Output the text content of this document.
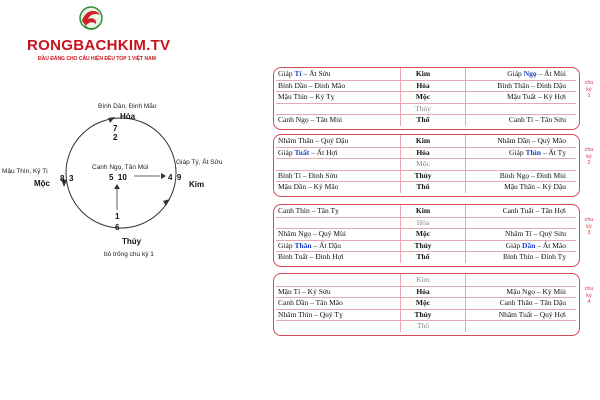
RONGBACHKIM.TV
ĐẦU ĐÁNG CHO CÂU HIỆN ĐỀU TOP 1 VIỆT NAM
Bính Dần, Đinh Mão
Hỏa
7
2
Mậu Thìn, Kỷ Tị
Mộc
8 3
Canh Ngọ, Tân Mùi
5  10
Giáp Tý, Ất Sửu
4  9
Kim
1
6
Thủy
bỏ trống chu kỳ 1
Giáp Tí – Ất Sửu	Kim	Giáp Ngọ – Ất Mùi
Bính Dần – Đinh Mão	Hỏa	Bính Thân – Đinh Dậu
Mậu Thìn – Kỷ Tỵ	Mộc	Mậu Tuất – Kỷ Hợi
Thủy
Canh Ngọ – Tân Mùi	Thổ	Canh Tí – Tân Sửu
chu
kỳ
1
Nhâm Thân – Quý Dậu	Kim	Nhâm Dần – Quý Mão
Giáp Tuất – Ất Hợi	Hỏa	Giáp Thìn – Ất Tỵ
Mộc
Bính Tí – Đinh Sửu	Thủy	Bính Ngọ – Đinh Mùi
Mậu Dần – Kỷ Mão	Thổ	Mậu Thân – Kỷ Dậu
chu
kỳ
2
Canh Thìn – Tân Tỵ	Kim	Canh Tuất – Tân Hợi
Hỏa
Nhâm Ngọ – Quý Mùi	Mộc	Nhâm Tí – Quý Sửu
Giáp Thân – Ất Dậu	Thủy	Giáp Dần – Ất Mão
Bính Tuất – Đinh Hợi	Thổ	Bính Thìn – Đinh Tỵ
chu
kỳ
3
Kim
Mậu Tí – Kỷ Sửu	Hỏa	Mậu Ngọ – Kỷ Mùi
Canh Dần – Tân Mão	Mộc	Canh Thân – Tân Dậu
Nhâm Thìn – Quý Tỵ	Thủy	Nhâm Tuất – Quý Hợi
Thổ
chu
kỳ
4
